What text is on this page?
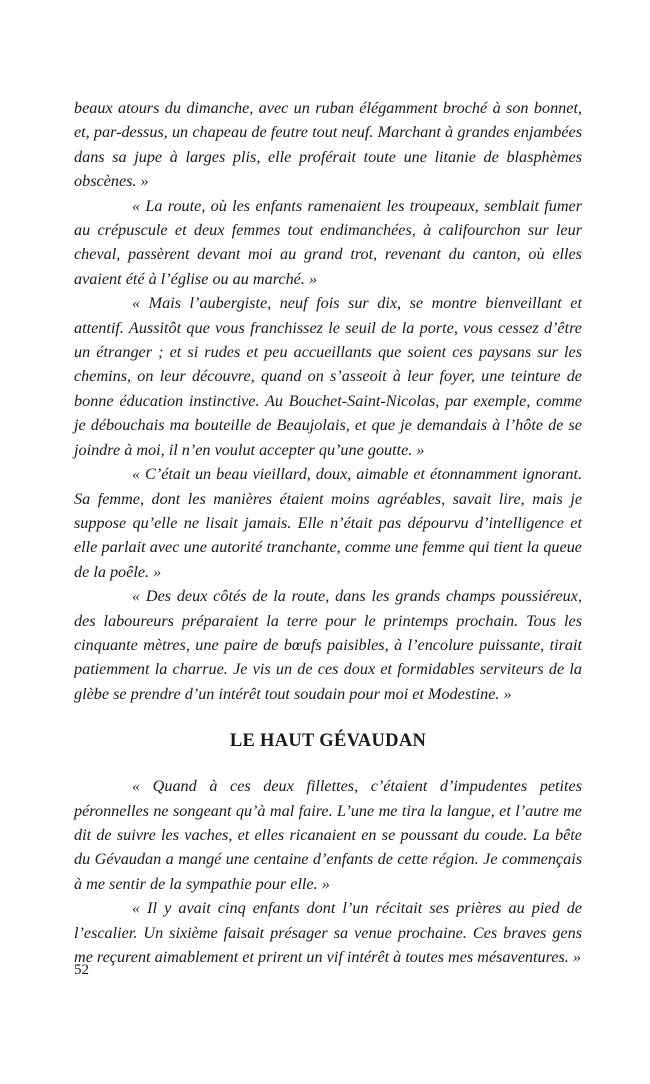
beaux atours du dimanche, avec un ruban élégamment broché à son bonnet, et, par-dessus, un chapeau de feutre tout neuf. Marchant à grandes enjambées dans sa jupe à larges plis, elle proférait toute une litanie de blasphèmes obscènes. »

« La route, où les enfants ramenaient les troupeaux, semblait fumer au crépuscule et deux femmes tout endimanchées, à califourchon sur leur cheval, passèrent devant moi au grand trot, revenant du canton, où elles avaient été à l’église ou au marché. »

« Mais l’aubergiste, neuf fois sur dix, se montre bienveillant et attentif. Aussitôt que vous franchissez le seuil de la porte, vous cessez d’être un étranger ; et si rudes et peu accueillants que soient ces paysans sur les chemins, on leur découvre, quand on s’asseoit à leur foyer, une teinture de bonne éducation instinctive. Au Bouchet-Saint-Nicolas, par exemple, comme je débouchais ma bouteille de Beaujolais, et que je demandais à l’hôte de se joindre à moi, il n’en voulut accepter qu’une goutte. »

« C’était un beau vieillard, doux, aimable et étonnamment ignorant. Sa femme, dont les manières étaient moins agréables, savait lire, mais je suppose qu’elle ne lisait jamais. Elle n’était pas dépourvu d’intelligence et elle parlait avec une autorité tranchante, comme une femme qui tient la queue de la poêle. »

« Des deux côtés de la route, dans les grands champs poussiéreux, des laboureurs préparaient la terre pour le printemps prochain. Tous les cinquante mètres, une paire de bœufs paisibles, à l’encolure puissante, tirait patiemment la charrue. Je vis un de ces doux et formidables serviteurs de la glèbe se prendre d’un intérêt tout soudain pour moi et Modestine. »

LE HAUT GÉVAUDAN

« Quand à ces deux fillettes, c’étaient d’impudentes petites péronnelles ne songeant qu’à mal faire. L’une me tira la langue, et l’autre me dit de suivre les vaches, et elles ricanaient en se poussant du coude. La bête du Gévaudan a mangé une centaine d’enfants de cette région. Je commençais à me sentir de la sympathie pour elle. »

« Il y avait cinq enfants dont l’un récitait ses prières au pied de l’escalier. Un sixième faisait présager sa venue prochaine. Ces braves gens me reçurent aimablement et prirent un vif intérêt à toutes mes mésaventures. »

52
